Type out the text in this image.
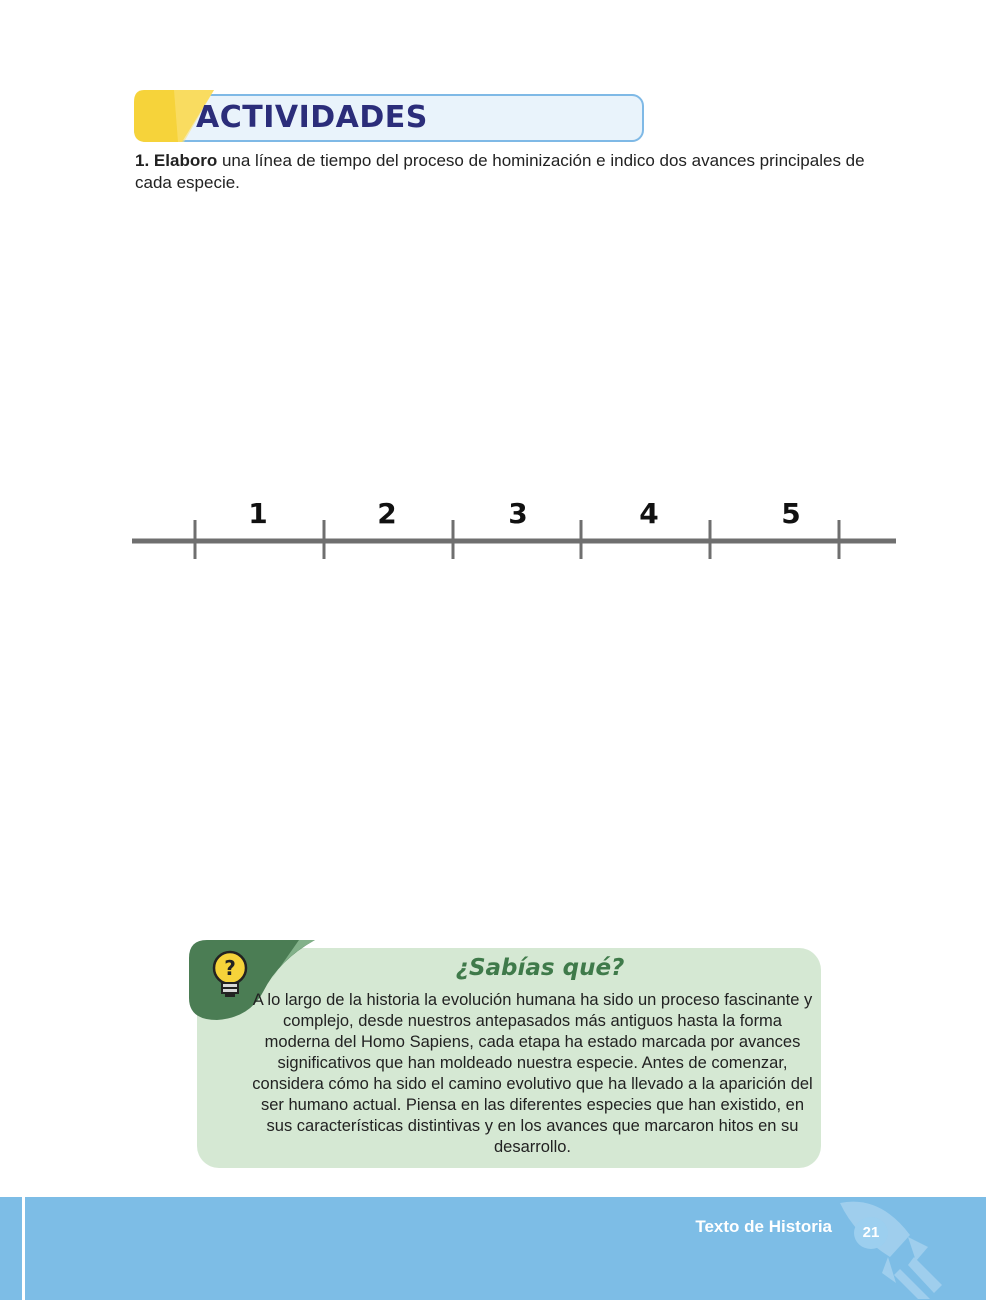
ACTIVIDADES

1. Elaboro una línea de tiempo del proceso de hominización e indico dos avances principales de cada especie.

1	2	3	4	5
?	¿Sabías qué?

A lo largo de la historia la evolución humana ha sido un proceso fascinante y complejo, desde nuestros antepasados más antiguos hasta la forma moderna del Homo Sapiens, cada etapa ha estado marcada por avances significativos que han moldeado nuestra especie. Antes de comenzar, considera cómo ha sido el camino evolutivo que ha llevado a la aparición del ser humano actual. Piensa en las diferentes especies que han existido, en sus características distintivas y en los avances que marcaron hitos en su desarrollo.

Texto de Historia	21
